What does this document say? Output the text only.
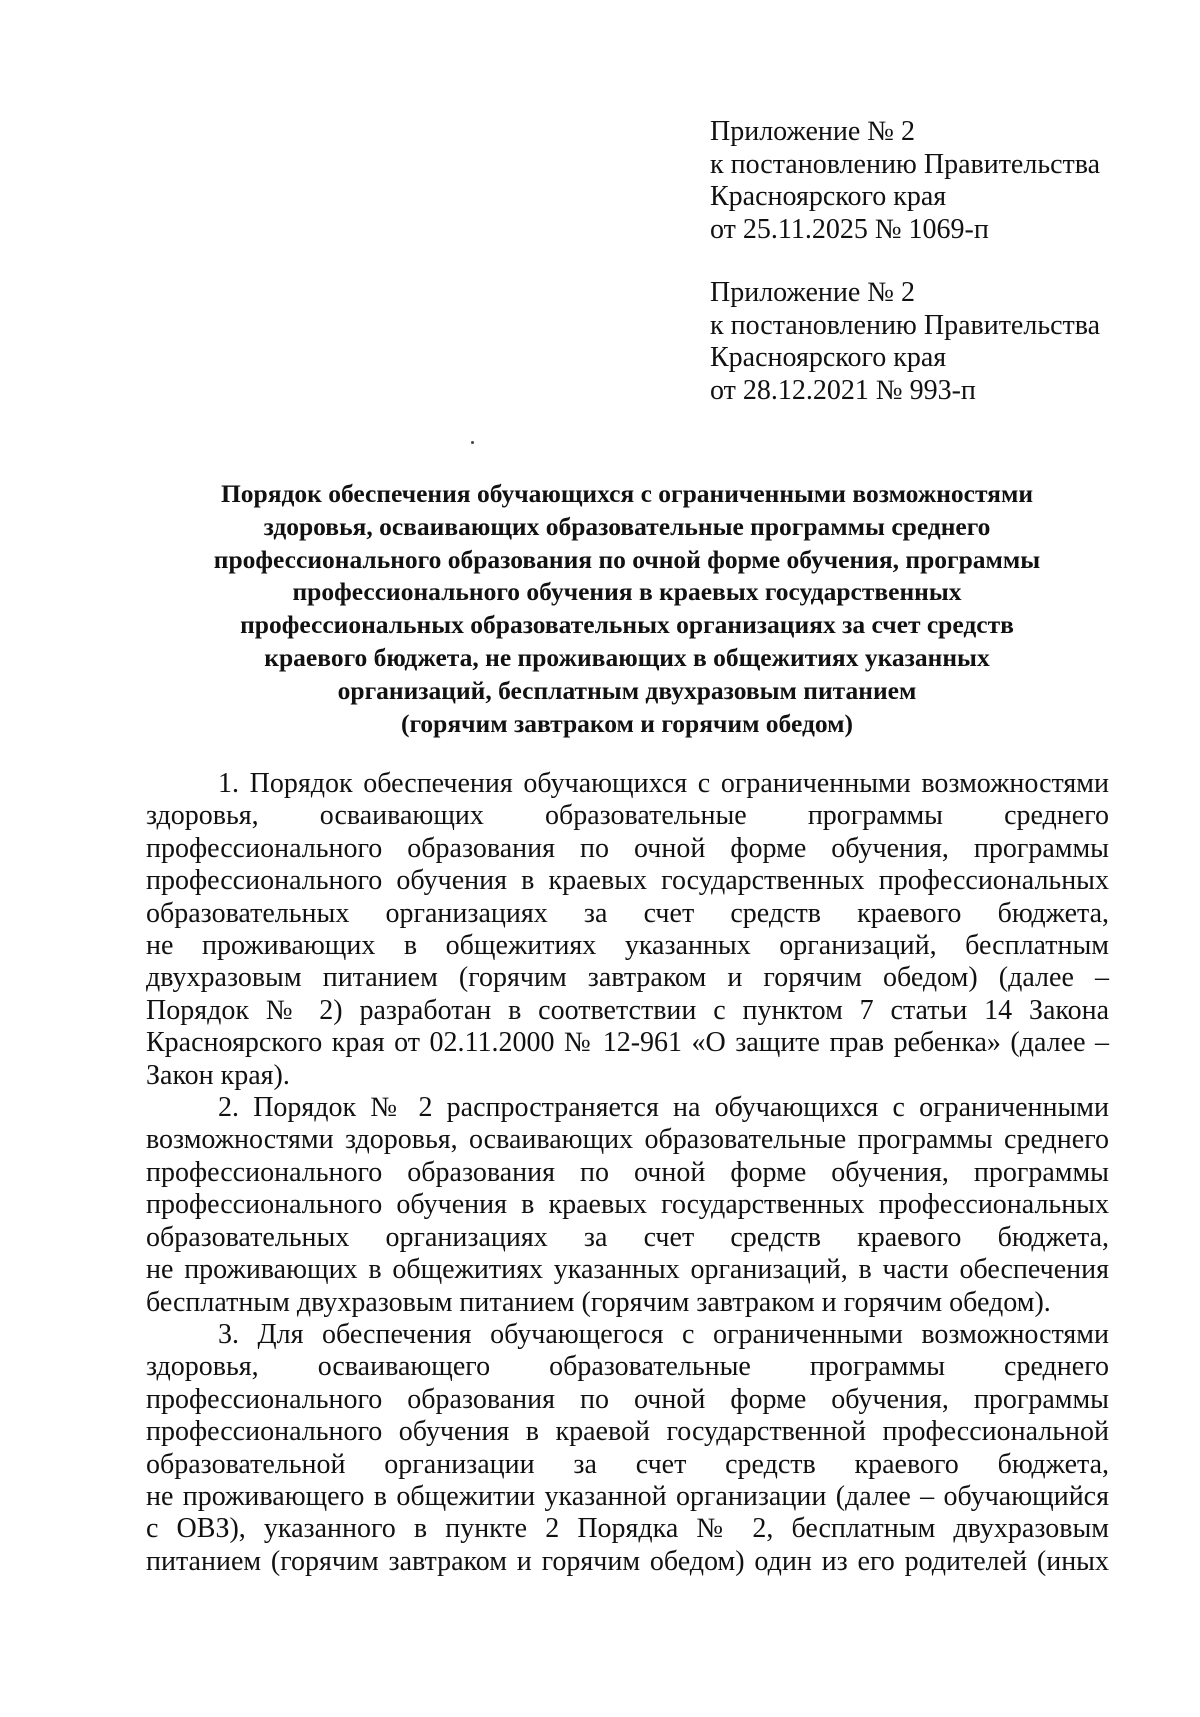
Приложение № 2
к постановлению Правительства
Красноярского края
от 25.11.2025 № 1069-п
Приложение № 2
к постановлению Правительства
Красноярского края
от 28.12.2021 № 993-п
Порядок обеспечения обучающихся с ограниченными возможностями
здоровья, осваивающих образовательные программы среднего
профессионального образования по очной форме обучения, программы
профессионального обучения в краевых государственных
профессиональных образовательных организациях за счет средств
краевого бюджета, не проживающих в общежитиях указанных
организаций, бесплатным двухразовым питанием
(горячим завтраком и горячим обедом)
1. Порядок обеспечения обучающихся с ограниченными возможностями
здоровья, осваивающих образовательные программы среднего
профессионального образования по очной форме обучения, программы
профессионального обучения в краевых государственных профессиональных
образовательных организациях за счет средств краевого бюджета,
не проживающих в общежитиях указанных организаций, бесплатным
двухразовым питанием (горячим завтраком и горячим обедом) (далее –
Порядок № 2) разработан в соответствии с пунктом 7 статьи 14 Закона
Красноярского края от 02.11.2000 № 12-961 «О защите прав ребенка» (далее –
Закон края).
2. Порядок № 2 распространяется на обучающихся с ограниченными
возможностями здоровья, осваивающих образовательные программы среднего
профессионального образования по очной форме обучения, программы
профессионального обучения в краевых государственных профессиональных
образовательных организациях за счет средств краевого бюджета,
не проживающих в общежитиях указанных организаций, в части обеспечения
бесплатным двухразовым питанием (горячим завтраком и горячим обедом).
3. Для обеспечения обучающегося с ограниченными возможностями
здоровья, осваивающего образовательные программы среднего
профессионального образования по очной форме обучения, программы
профессионального обучения в краевой государственной профессиональной
образовательной организации за счет средств краевого бюджета,
не проживающего в общежитии указанной организации (далее – обучающийся
с ОВЗ), указанного в пункте 2 Порядка № 2, бесплатным двухразовым
питанием (горячим завтраком и горячим обедом) один из его родителей (иных
